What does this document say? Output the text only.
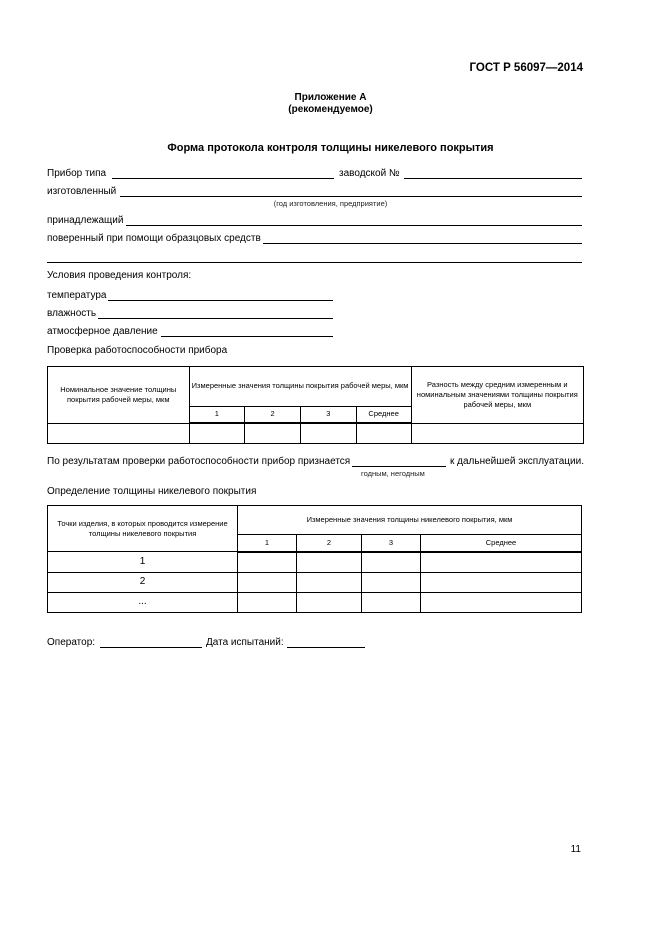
ГОСТ Р 56097—2014
Приложение А
(рекомендуемое)
Форма протокола контроля толщины никелевого покрытия
Прибор типа	заводской №
изготовленный
(год изготовления, предприятие)
принадлежащий
поверенный при помощи образцовых средств
Условия проведения контроля:
температура
влажность
атмосферное давление
Проверка работоспособности прибора
Номинальное значение толщины покрытия рабочей меры, мкм	Измеренные значения толщины покрытия рабочей меры, мкм				Разность между средним измеренным и номинальным значениями толщины покрытия рабочей меры, мкм
	1	2	3	Среднее	

По результатам проверки работоспособности прибор признается	к дальнейшей эксплуатации.
годным, негодным
Определение толщины никелевого покрытия
Точки изделия, в которых проводится измерение толщины никелевого покрытия	Измеренные значения толщины никелевого покрытия, мкм			
	1	2	3	Среднее
1				
2				
...				
Оператор:	Дата испытаний:
11
